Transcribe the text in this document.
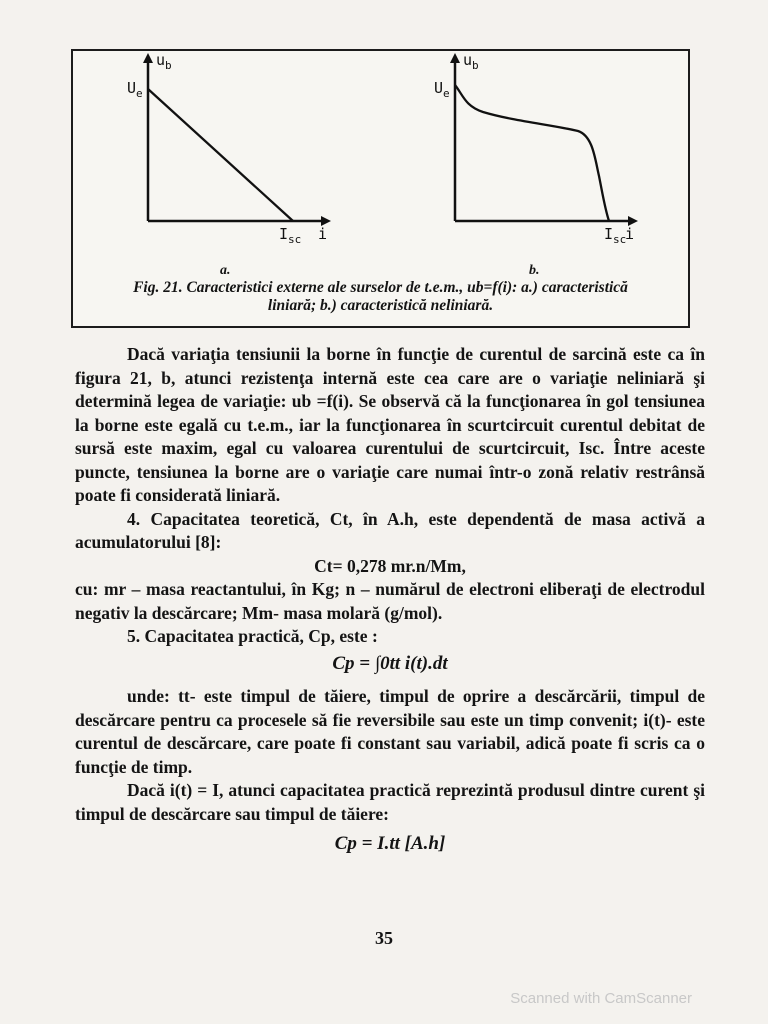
$u_b$
$U_e$
$I_{sc}$ i
$u_b$
$U_e$
$I_{sc}$
i
a.	b.
Fig. 21. Caracteristici externe ale surselor de t.e.m., ub=f(i): a.) caracteristică
liniară; b.) caracteristică neliniară.

Dacă variaţia tensiunii la borne în funcţie de curentul de sarcină este ca în figura 21, b, atunci rezistenţa internă este cea care are o variaţie neliniară şi determină legea de variaţie: ub =f(i). Se observă că la funcţionarea în gol tensiunea la borne este egală cu t.e.m., iar la funcţionarea în scurtcircuit curentul debitat de sursă este maxim, egal cu valoarea curentului de scurtcircuit, Isc. Între aceste puncte, tensiunea la borne are o variaţie care numai într-o zonă relativ restrânsă poate fi considerată liniară.

4. Capacitatea teoretică, Ct, în A.h, este dependentă de masa activă a acumulatorului [8]:

Ct= 0,278 mr.n/Mm,

cu: mr – masa reactantului, în Kg; n – numărul de electroni eliberaţi de electrodul negativ la descărcare; Mm- masa molară (g/mol).

5. Capacitatea practică, Cp, este :

Cp = ∫0tt i(t).dt

unde: tt- este timpul de tăiere, timpul de oprire a descărcării, timpul de descărcare pentru ca procesele să fie reversibile sau este un timp convenit; i(t)- este curentul de descărcare, care poate fi constant sau variabil, adică poate fi scris ca o funcţie de timp.

Dacă i(t) = I, atunci capacitatea practică reprezintă produsul dintre curent şi timpul de descărcare sau timpul de tăiere:

Cp = I.tt [A.h]

35
Scanned with CamScanner
